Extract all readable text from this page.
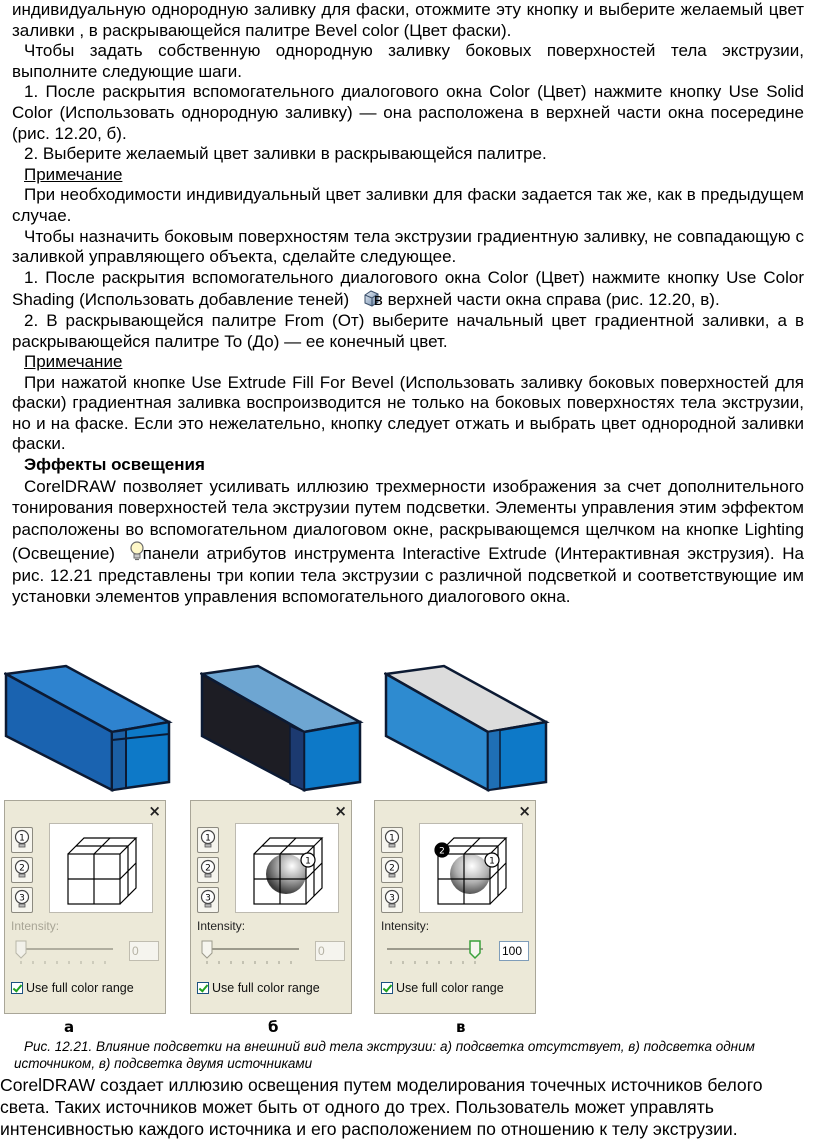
индивидуальную однородную заливку для фаски, отожмите эту кнопку и выберите желаемый цвет заливки , в раскрывающейся палитре Bevel color (Цвет фаски).

Чтобы задать собственную однородную заливку боковых поверхностей тела экструзии, выполните следующие шаги.

1. После раскрытия вспомогательного диалогового окна Color (Цвет) нажмите кнопку Use Solid Color (Использовать однородную заливку) — она расположена в верхней части окна посередине (рис. 12.20, б).

2. Выберите желаемый цвет заливки в раскрывающейся палитре.

Примечание

При необходимости индивидуальный цвет заливки для фаски задается так же, как в предыдущем случае.

Чтобы назначить боковым поверхностям тела экструзии градиентную заливку, не совпадающую с заливкой управляющего объекта, сделайте следующее.

1. После раскрытия вспомогательного диалогового окна Color (Цвет) нажмите кнопку Use Color Shading (Использовать добавление теней) в верхней части окна справа (рис. 12.20, в).

2. В раскрывающейся палитре From (От) выберите начальный цвет градиентной заливки, а в раскрывающейся палитре To (До) — ее конечный цвет.

Примечание

При нажатой кнопке Use Extrude Fill For Bevel (Использовать заливку боковых поверхностей для фаски) градиентная заливка воспроизводится не только на боковых поверхностях тела экструзии, но и на фаске. Если это нежелательно, кнопку следует отжать и выбрать цвет однородной заливки фаски.

Эффекты освещения

CorelDRAW позволяет усиливать иллюзию трехмерности изображения за счет дополнительного тонирования поверхностей тела экструзии путем подсветки. Элементы управления этим эффектом расположены во вспомогательном диалоговом окне, раскрывающемся щелчком на кнопке Lighting (Освещение) панели атрибутов инструмента Interactive Extrude (Интерактивная экструзия). На рис. 12.21 представлены три копии тела экструзии с различной подсветкой и соответствующие им установки элементов управления вспомогательного диалогового окна.

×
1
2
3
Intensity:
0
Use full color range
×
1
2
3
1
Intensity:
0
Use full color range
×
1
2
3
1
2
Intensity:
100
Use full color range
а	б	в
Рис. 12.21. Влияние подсветки на внешний вид тела экструзии: а) подсветка отсутствует, в) подсветка одним источником, в) подсветка двумя источниками
CorelDRAW создает иллюзию освещения путем моделирования точечных источников белого света. Таких источников может быть от одного до трех. Пользователь может управлять интенсивностью каждого источника и его расположением по отношению к телу экструзии.
